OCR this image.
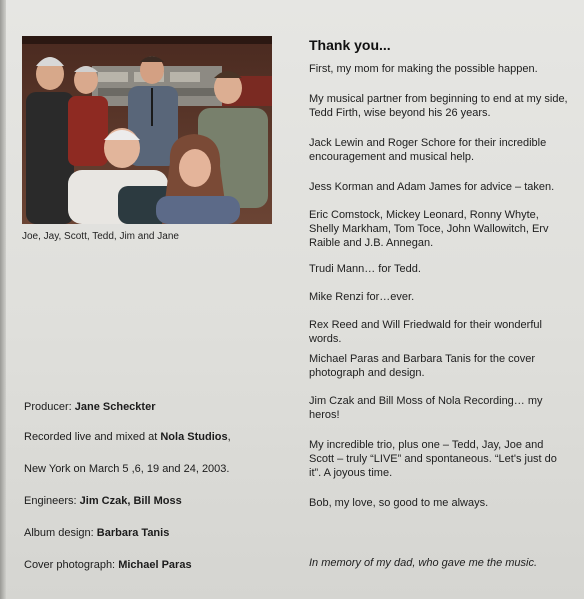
Joe, Jay, Scott, Tedd, Jim and Jane
Producer: Jane Scheckter
Recorded live and mixed at Nola Studios,
New York on March 5 ,6, 19 and 24, 2003.
Engineers: Jim Czak, Bill Moss
Album design: Barbara Tanis
Cover photograph: Michael Paras
Thank you...
First, my mom for making the possible happen.
My musical partner from beginning to end at my side, Tedd Firth, wise beyond his 26 years.
Jack Lewin and Roger Schore for their incredible encouragement and musical help.
Jess Korman and Adam James for advice – taken.
Eric Comstock, Mickey Leonard, Ronny Whyte, Shelly Markham, Tom Toce, John Wallowitch, Erv Raible and J.B. Annegan.
Trudi Mann… for Tedd.
Mike Renzi for…ever.
Rex Reed and Will Friedwald for their wonderful words.
Michael Paras and Barbara Tanis for the cover photograph and design.
Jim Czak and Bill Moss of Nola Recording… my heros!
My incredible trio, plus one – Tedd, Jay, Joe and Scott – truly “LIVE” and spontaneous. “Let's just do it”. A joyous time.
Bob, my love, so good to me always.
In memory of my dad, who gave me the music.
